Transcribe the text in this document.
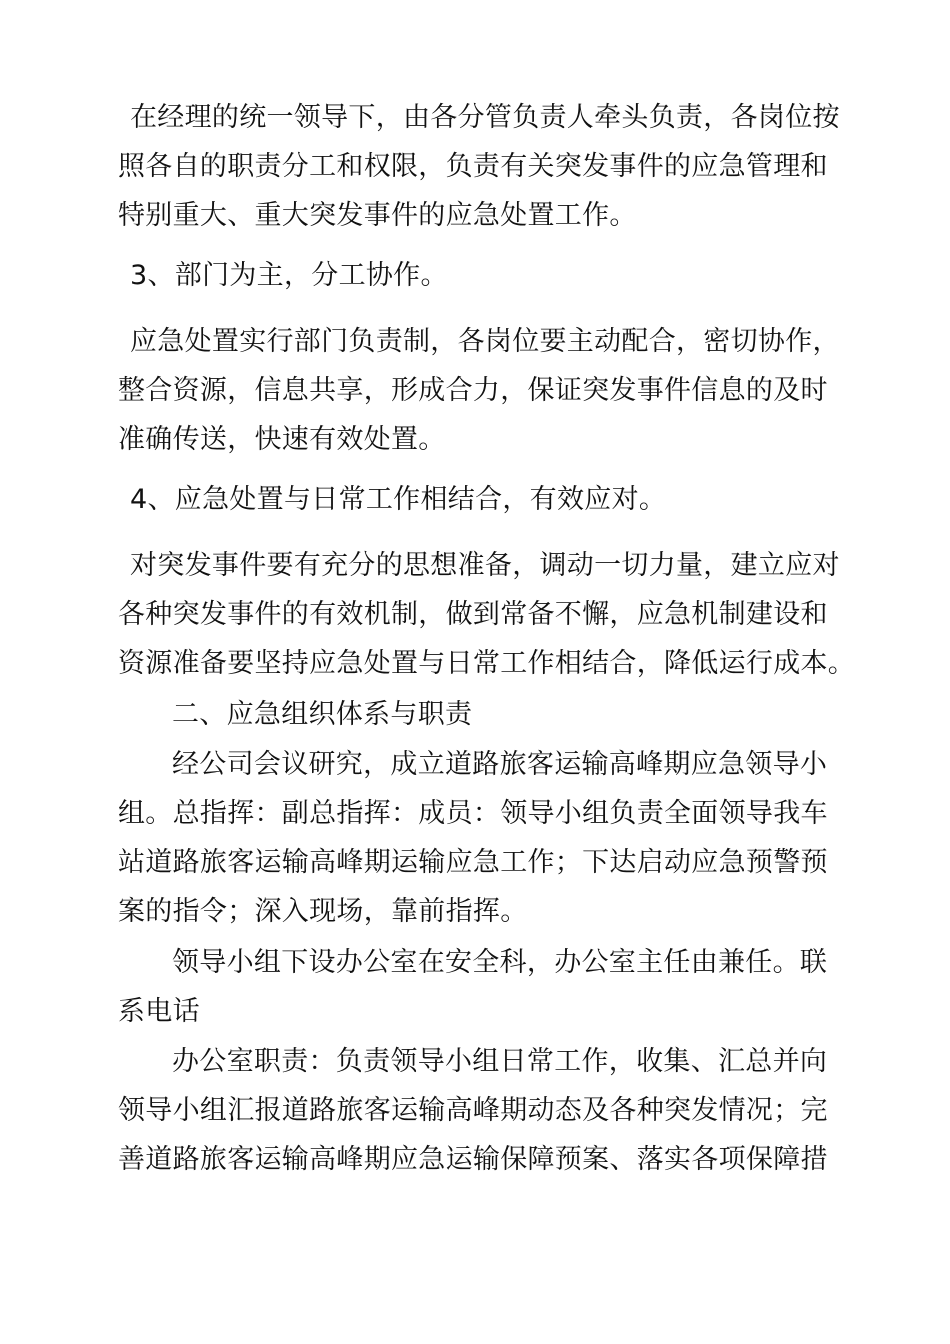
在经理的统一领导下，由各分管负责人牵头负责，各岗位按
照各自的职责分工和权限，负责有关突发事件的应急管理和
特别重大、重大突发事件的应急处置工作。

3、部门为主，分工协作。

应急处置实行部门负责制，各岗位要主动配合，密切协作，
整合资源，信息共享，形成合力，保证突发事件信息的及时
准确传送，快速有效处置。

4、应急处置与日常工作相结合，有效应对。

对突发事件要有充分的思想准备，调动一切力量，建立应对
各种突发事件的有效机制，做到常备不懈，应急机制建设和
资源准备要坚持应急处置与日常工作相结合，降低运行成本。

二、应急组织体系与职责

经公司会议研究，成立道路旅客运输高峰期应急领导小
组。总指挥：副总指挥：成员：领导小组负责全面领导我车
站道路旅客运输高峰期运输应急工作；下达启动应急预警预
案的指令；深入现场，靠前指挥。

领导小组下设办公室在安全科，办公室主任由兼任。联
系电话

办公室职责：负责领导小组日常工作，收集、汇总并向
领导小组汇报道路旅客运输高峰期动态及各种突发情况；完
善道路旅客运输高峰期应急运输保障预案、落实各项保障措
